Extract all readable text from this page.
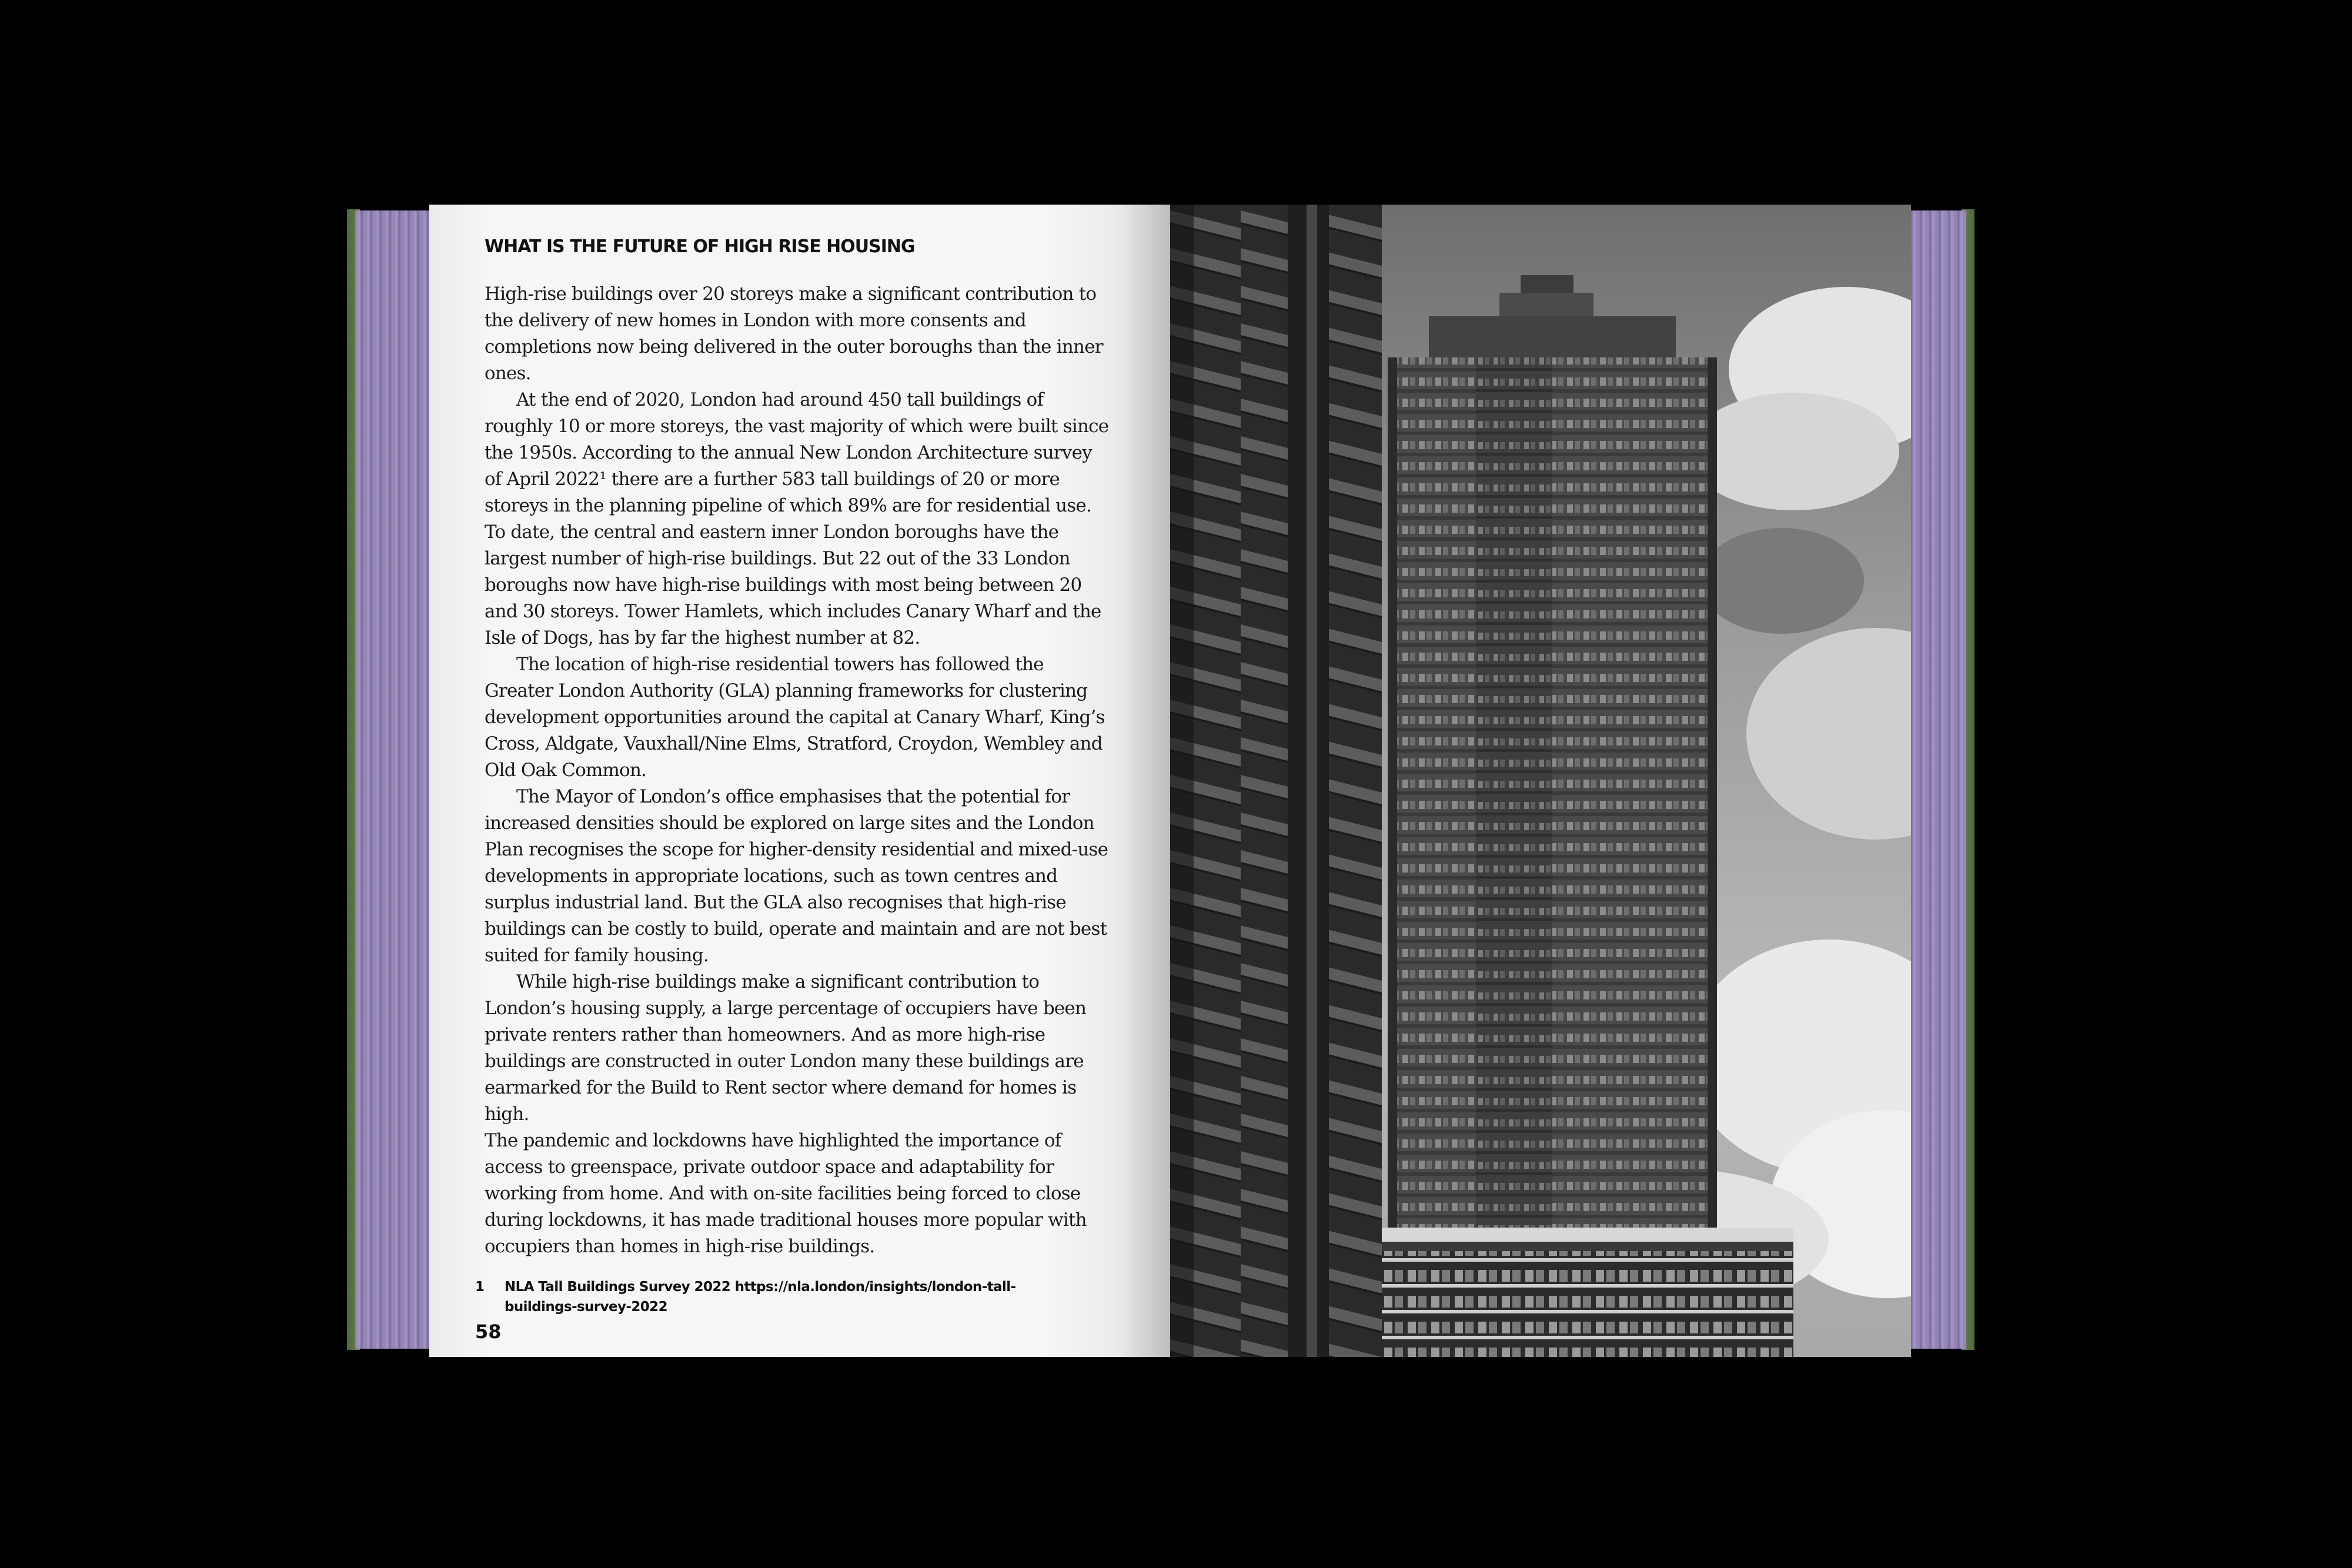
WHAT IS THE FUTURE OF HIGH RISE HOUSING

High-rise buildings over 20 storeys make a significant contribution to the delivery of new homes in London with more consents and completions now being delivered in the outer boroughs than the inner ones.

At the end of 2020, London had around 450 tall buildings of roughly 10 or more storeys, the vast majority of which were built since the 1950s. According to the annual New London Architecture survey of April 2022¹ there are a further 583 tall buildings of 20 or more storeys in the planning pipeline of which 89% are for residential use. To date, the central and eastern inner London boroughs have the largest number of high-rise buildings. But 22 out of the 33 London boroughs now have high-rise buildings with most being between 20 and 30 storeys. Tower Hamlets, which includes Canary Wharf and the Isle of Dogs, has by far the highest number at 82.

The location of high-rise residential towers has followed the Greater London Authority (GLA) planning frameworks for clustering development opportunities around the capital at Canary Wharf, King’s Cross, Aldgate, Vauxhall/Nine Elms, Stratford, Croydon, Wembley and Old Oak Common.

The Mayor of London’s office emphasises that the potential for increased densities should be explored on large sites and the London Plan recognises the scope for higher-density residential and mixed-use developments in appropriate locations, such as town centres and surplus industrial land. But the GLA also recognises that high-rise buildings can be costly to build, operate and maintain and are not best suited for family housing.

While high-rise buildings make a significant contribution to London’s housing supply, a large percentage of occupiers have been private renters rather than homeowners. And as more high-rise buildings are constructed in outer London many these buildings are earmarked for the Build to Rent sector where demand for homes is high.

The pandemic and lockdowns have highlighted the importance of access to greenspace, private outdoor space and adaptability for working from home. And with on-site facilities being forced to close during lockdowns, it has made traditional houses more popular with occupiers than homes in high-rise buildings.

1 NLA Tall Buildings Survey 2022 https://nla.london/insights/london-tall-buildings-survey-2022
58
